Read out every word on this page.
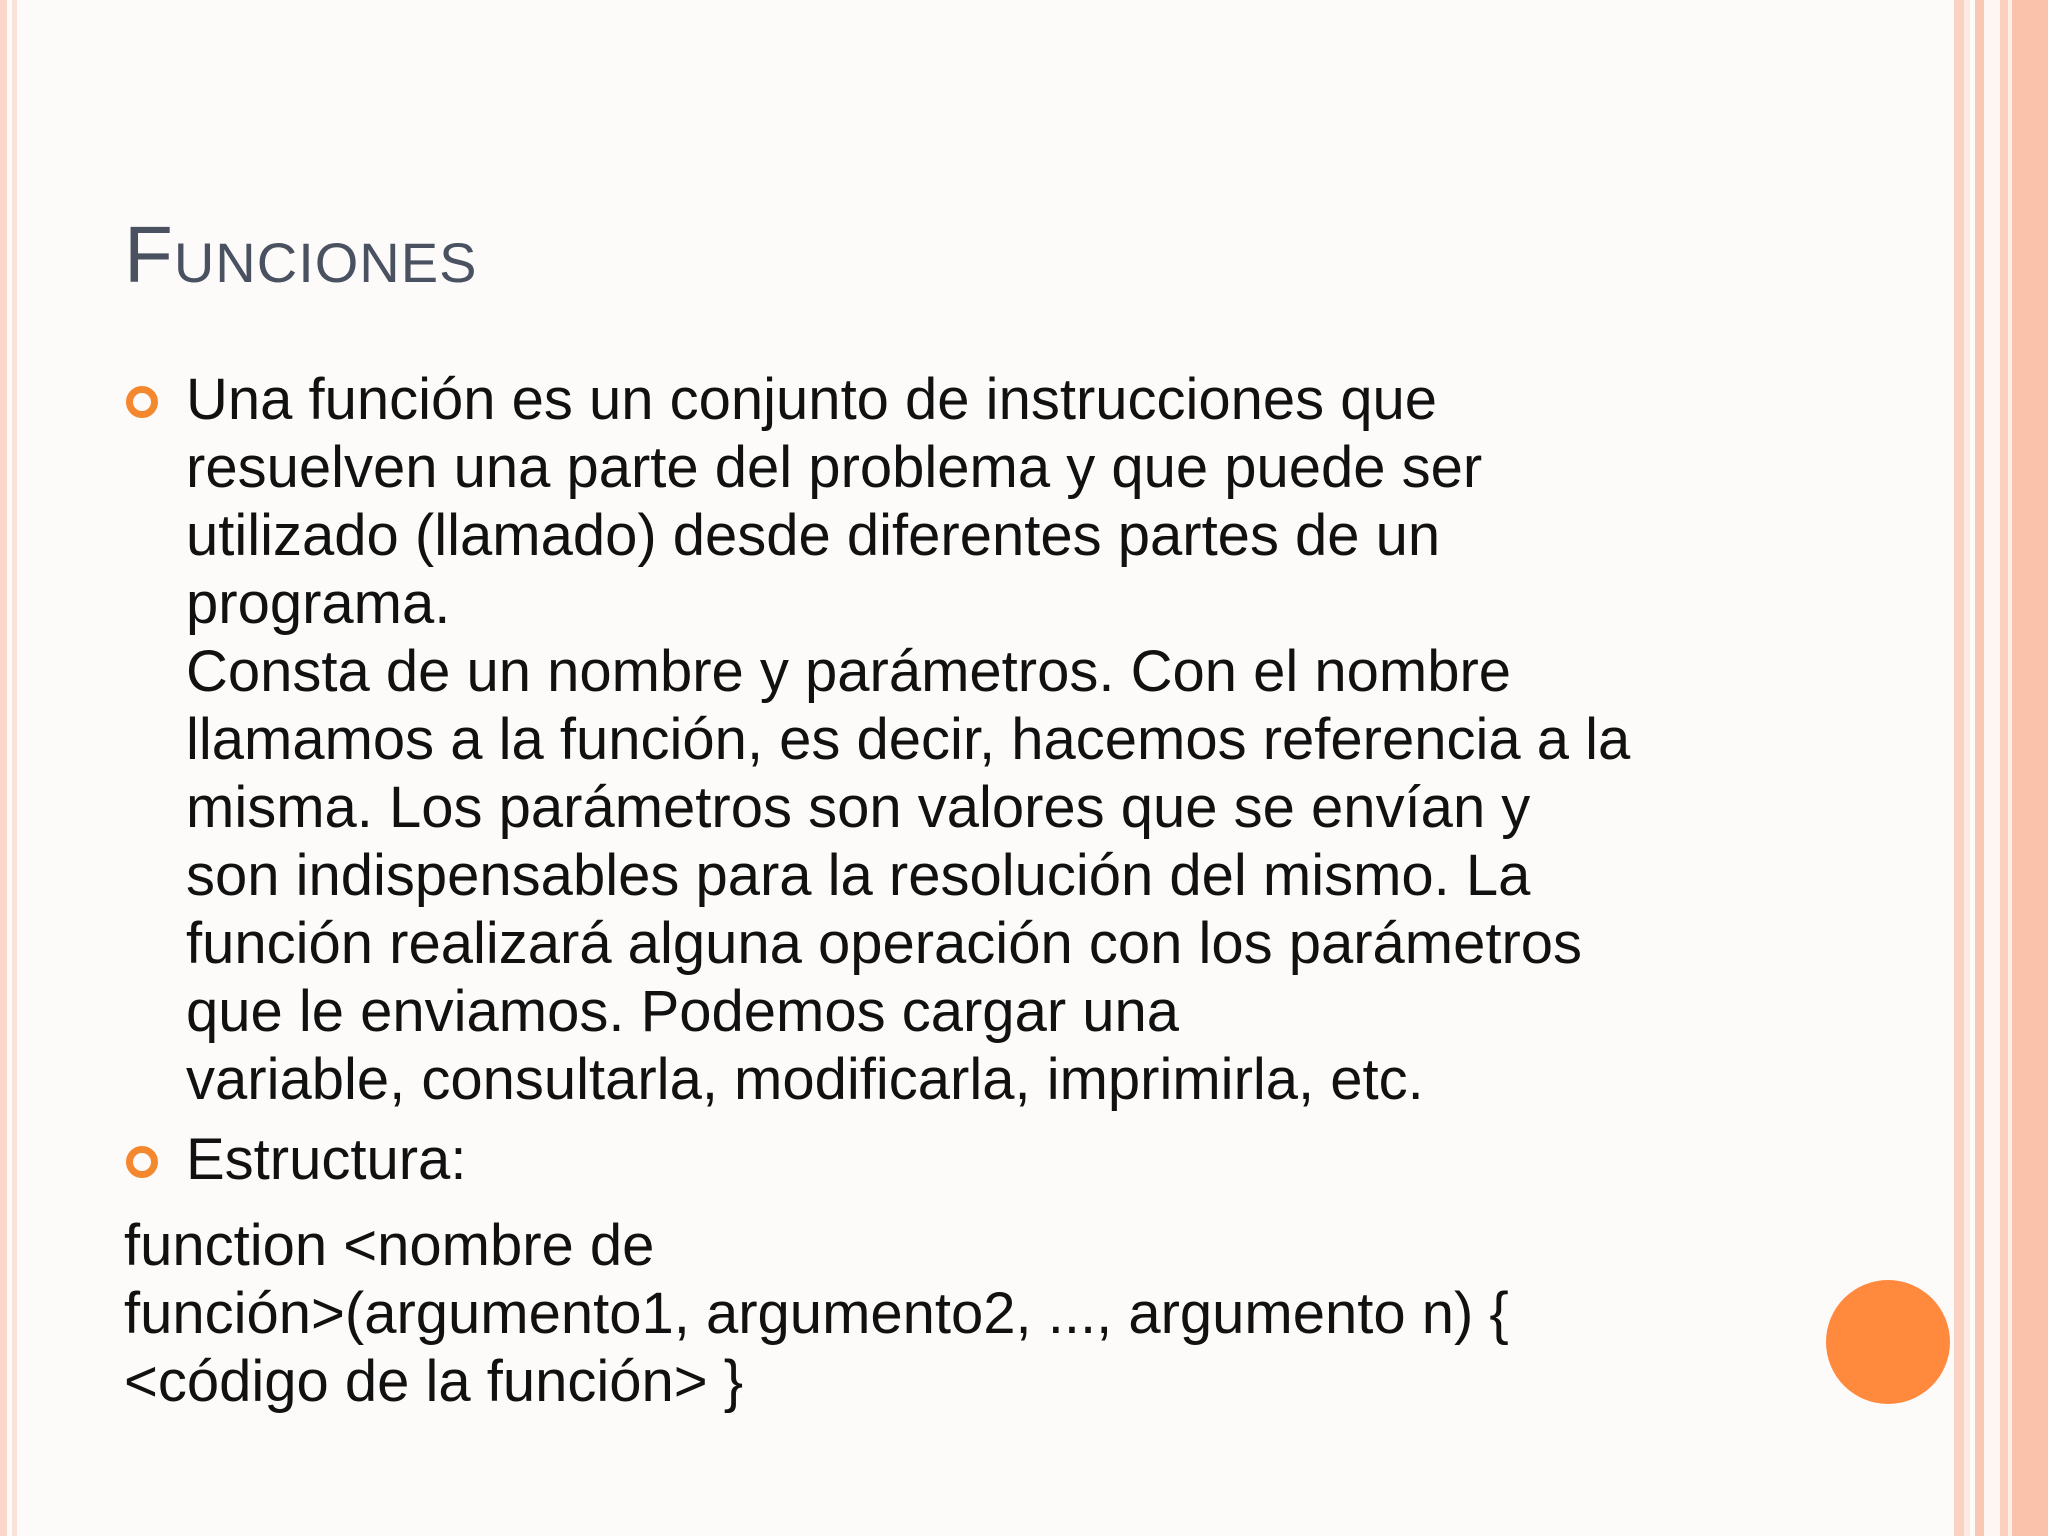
Funciones
Una función es un conjunto de instrucciones que
resuelven una parte del problema y que puede ser
utilizado (llamado) desde diferentes partes de un
programa.
Consta de un nombre y parámetros. Con el nombre
llamamos a la función, es decir, hacemos referencia a la
misma. Los parámetros son valores que se envían y
son indispensables para la resolución del mismo. La
función realizará alguna operación con los parámetros
que le enviamos. Podemos cargar una
variable, consultarla, modificarla, imprimirla, etc.
Estructura:
function <nombre de
función>(argumento1, argumento2, ..., argumento n) {
<código de la función> }
